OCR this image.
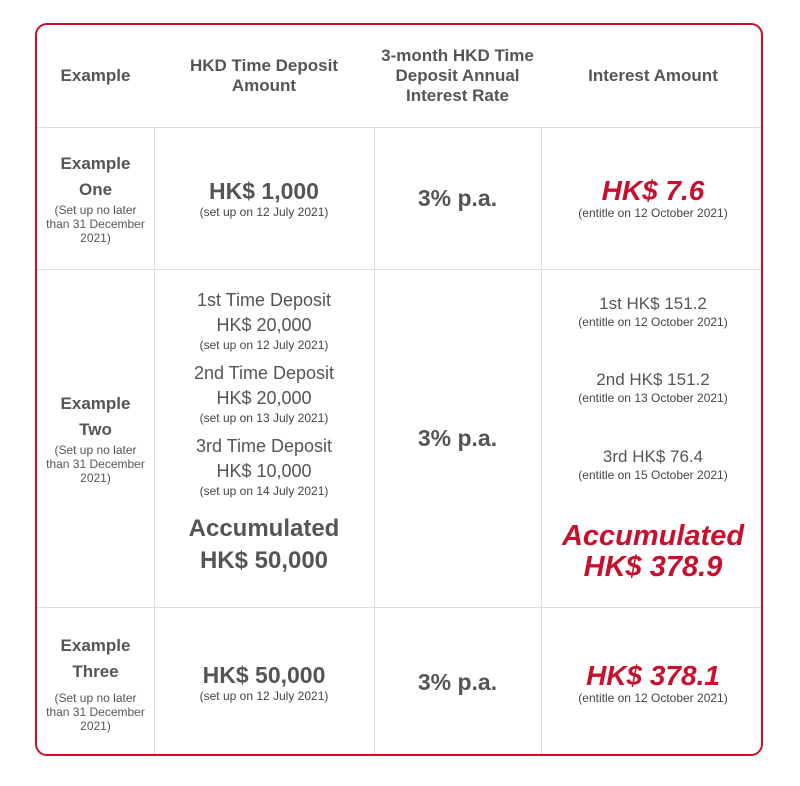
Example
HKD Time Deposit Amount
3-month HKD Time Deposit Annual Interest Rate
Interest Amount
Example
One
(Set up no later than 31 December 2021)
HK$ 1,000
(set up on 12 July 2021)
3% p.a.	HK$ 7.6
(entitle on 12 October 2021)
Example
Two
(Set up no later than 31 December 2021)
1st Time Deposit
HK$ 20,000
(set up on 12 July 2021)
2nd Time Deposit
HK$ 20,000
(set up on 13 July 2021)
3rd Time Deposit
HK$ 10,000
(set up on 14 July 2021)
Accumulated
HK$ 50,000
3% p.a.
1st HK$ 151.2
(entitle on 12 October 2021)
2nd HK$ 151.2
(entitle on 13 October 2021)
3rd HK$ 76.4
(entitle on 15 October 2021)
Accumulated
HK$ 378.9
Example
Three
(Set up no later than 31 December 2021)
HK$ 50,000
(set up on 12 July 2021)
3% p.a.	HK$ 378.1
(entitle on 12 October 2021)
